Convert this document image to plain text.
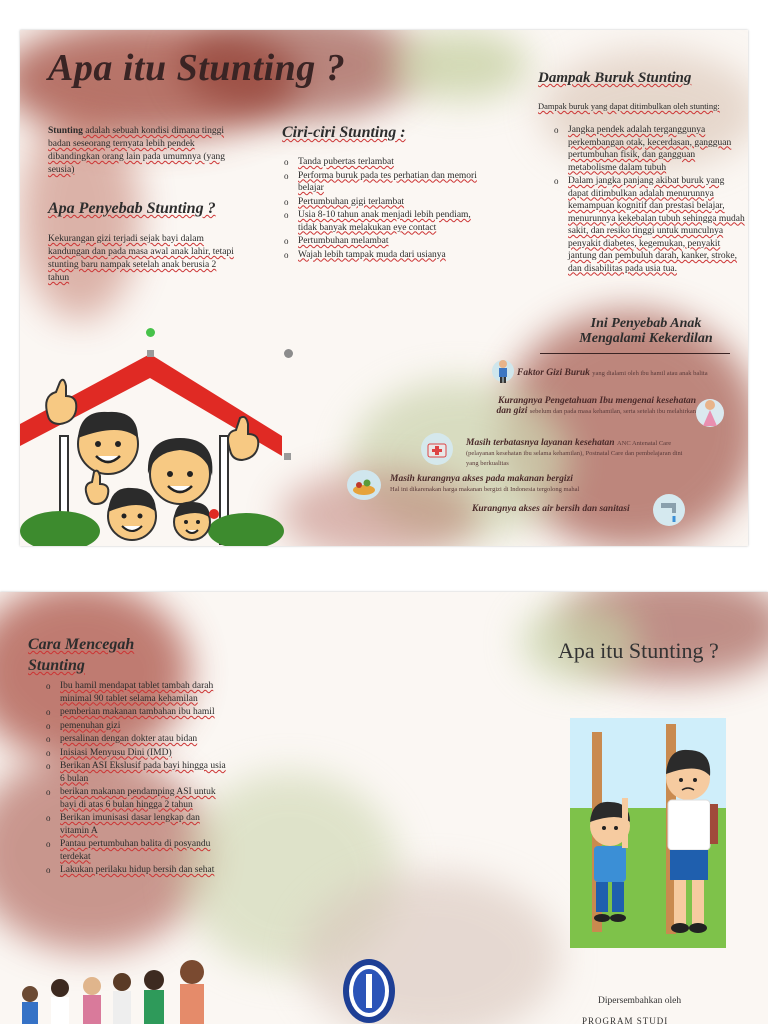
Apa itu Stunting ?
Stunting adalah sebuah kondisi dimana tinggi badan seseorang ternyata lebih pendek dibandingkan orang lain pada umumnya (yang seusia)
Apa Penyebab Stunting ?
Kekurangan gizi terjadi sejak bayi dalam kandungan dan pada masa awal anak lahir, tetapi stunting baru nampak setelah anak berusia 2 tahun
Ciri-ciri Stunting :
o Tanda pubertas terlambat
o Performa buruk pada tes perhatian dan memori belajar
o Pertumbuhan gigi terlambat
o Usia 8-10 tahun anak menjadi lebih pendiam, tidak banyak melakukan eye contact
o Pertumbuhan melambat
o Wajah lebih tampak muda dari usianya
Dampak Buruk Stunting
Dampak buruk yang dapat ditimbulkan oleh stunting:
o Jangka pendek adalah terganggunya perkembangan otak, kecerdasan, gangguan pertumbuhan fisik, dan gangguan metabolisme dalam tubuh
o Dalam jangka panjang akibat buruk yang dapat ditimbulkan adalah menurunnya kemampuan kognitif dan prestasi belajar, menurunnya kekebalan tubuh sehingga mudah sakit, dan resiko tinggi untuk munculnya penyakit diabetes, kegemukan, penyakit jantung dan pembuluh darah, kanker, stroke, dan disabilitas pada usia tua.
Ini Penyebab Anak
Mengalami Kekerdilan
Faktor Gizi Buruk yang dialami oleh ibu hamil atau anak balita
Kurangnya Pengetahuan Ibu mengenai kesehatan dan gizi sebelum dan pada masa kehamilan, serta setelah ibu melahirkan
Masih terbatasnya layanan kesehatan ANC Antenatal Care (pelayanan kesehatan ibu selama kehamilan), Postnatal Care dan pembelajaran dini yang berkualitas
Masih kurangnya akses pada makanan bergizi
Hal ini dikarenakan harga makanan bergizi di Indonesia tergolong mahal
Kurangnya akses air bersih dan sanitasi
Cara Mencegah
Stunting
o Ibu hamil mendapat tablet tambah darah minimal 90 tablet selama kehamilan
o pemberian makanan tambahan ibu hamil
o pemenuhan gizi
o persalinan dengan dokter atau bidan
o Inisiasi Menyusu Dini (IMD)
o Berikan ASI Ekslusif pada bayi hingga usia 6 bulan
o berikan makanan pendamping ASI untuk bayi di atas 6 bulan hingga 2 tahun
o Berikan imunisasi dasar lengkap dan vitamin A
o Pantau pertumbuhan balita di posyandu terdekat
o Lakukan perilaku hidup bersih dan sehat
Apa itu Stunting ?
Dipersembahkan oleh
PROGRAM STUDI
